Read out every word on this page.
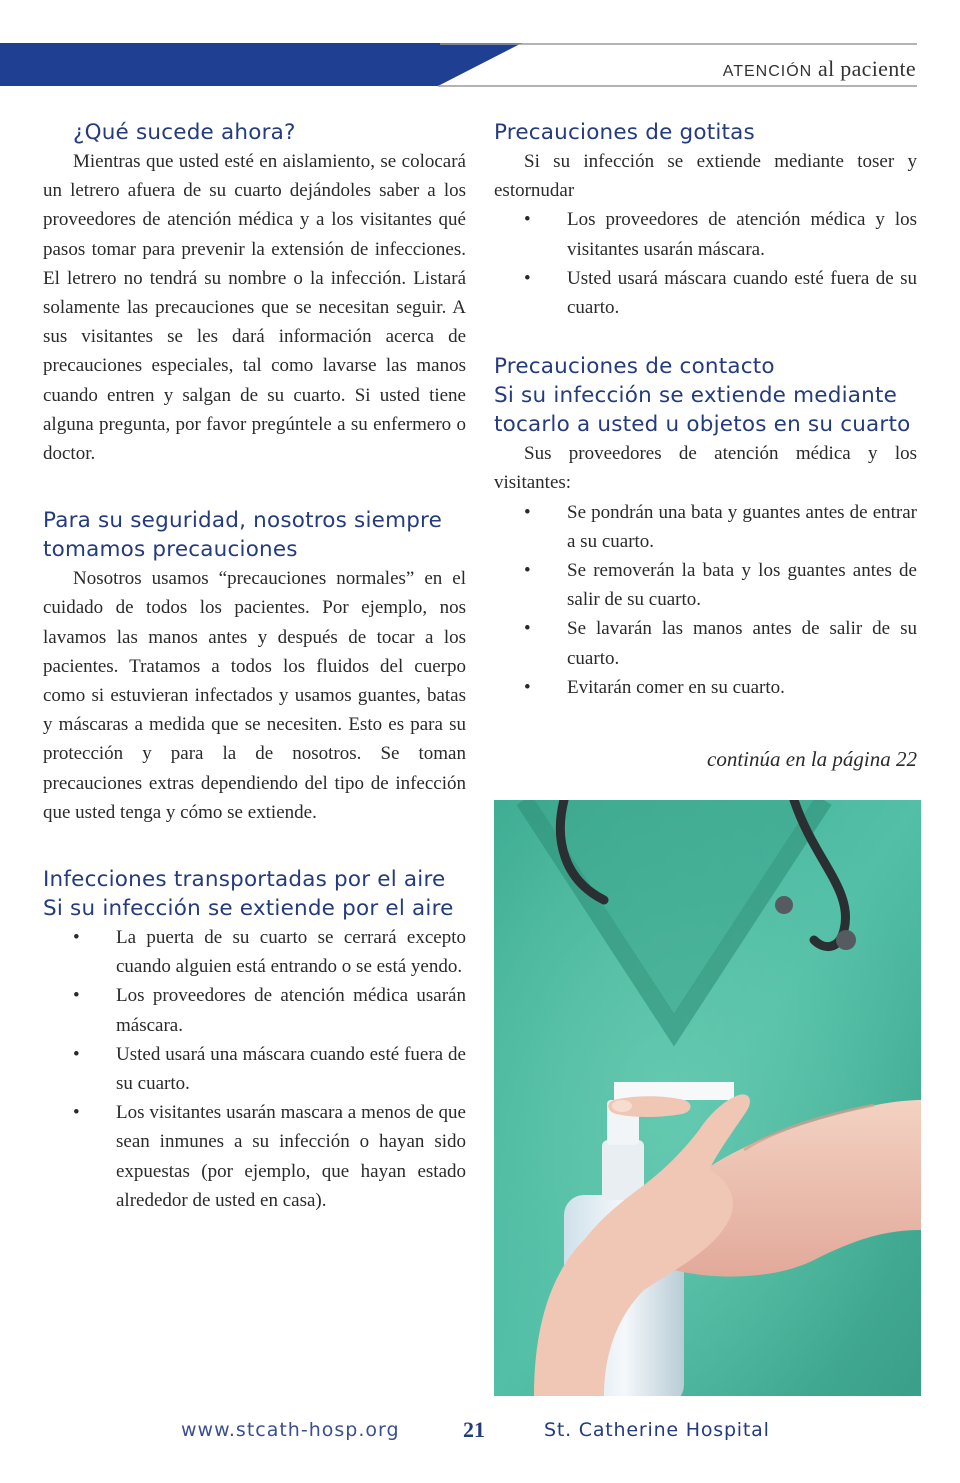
ATENCIÓN al paciente
¿Qué sucede ahora?

Mientras que usted esté en aislamiento, se colocará un letrero afuera de su cuarto dejándoles saber a los proveedores de atención médica y a los visitantes qué pasos tomar para prevenir la extensión de infecciones. El letrero no tendrá su nombre o la infección. Listará solamente las precauciones que se necesitan seguir. A sus visitantes se les dará información acerca de precauciones especiales, tal como lavarse las manos cuando entren y salgan de su cuarto. Si usted tiene alguna pregunta, por favor pregúntele a su enfermero o doctor.

Para su seguridad, nosotros siempre
tomamos precauciones

Nosotros usamos “precauciones normales” en el cuidado de todos los pacientes. Por ejemplo, nos lavamos las manos antes y después de tocar a los pacientes. Tratamos a todos los fluidos del cuerpo como si estuvieran infectados y usamos guantes, batas y máscaras a medida que se necesiten. Esto es para su protección y para la de nosotros. Se toman precauciones extras dependiendo del tipo de infección que usted tenga y cómo se extiende.

Infecciones transportadas por el aire
Si su infección se extiende por el aire
• La puerta de su cuarto se cerrará excepto cuando alguien está entrando o se está yendo.
• Los proveedores de atención médica usarán máscara.
• Usted usará una máscara cuando esté fuera de su cuarto.
• Los visitantes usarán mascara a menos de que sean inmunes a su infección o hayan sido expuestas (por ejemplo, que hayan estado alrededor de usted en casa).
Precauciones de gotitas

Si su infección se extiende mediante toser y estornudar

• Los proveedores de atención médica y los visitantes usarán máscara.
• Usted usará máscara cuando esté fuera de su cuarto.
Precauciones de contacto
Si su infección se extiende mediante
tocarlo a usted u objetos en su cuarto

Sus proveedores de atención médica y los visitantes:

• Se pondrán una bata y guantes antes de entrar a su cuarto.
• Se removerán la bata y los guantes antes de salir de su cuarto.
• Se lavarán las manos antes de salir de su cuarto.
• Evitarán comer en su cuarto.
continúa en la página 22
www.stcath-hosp.org	21	St. Catherine Hospital
